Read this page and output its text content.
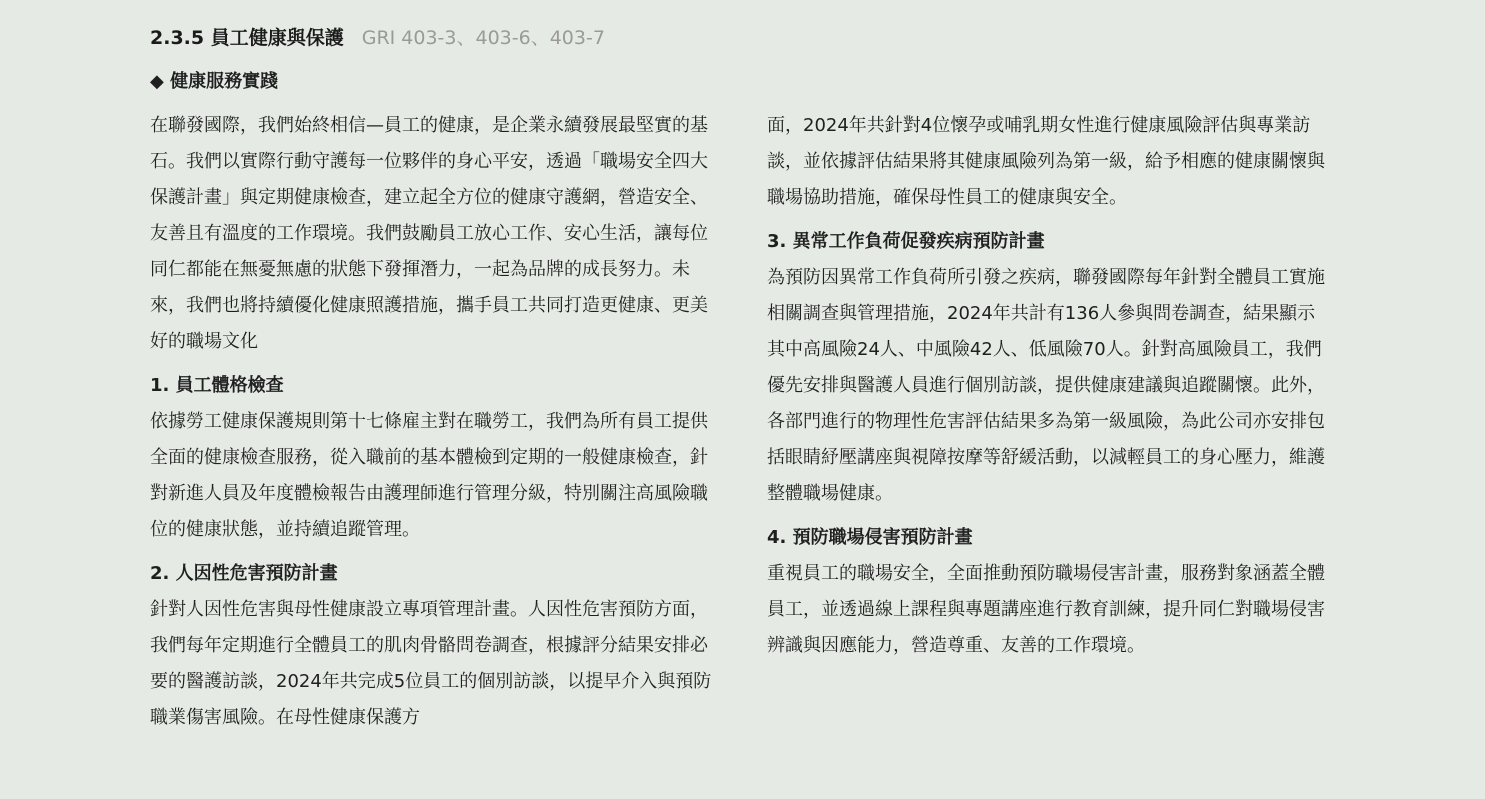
2.3.5 員工健康與保護 GRI 403-3、403-6、403-7
◆ 健康服務實踐

在聯發國際，我們始終相信—員工的健康，是企業永續發展最堅實的基石。我們以實際行動守護每一位夥伴的身心平安，透過「職場安全四大保護計畫」與定期健康檢查，建立起全方位的健康守護網，營造安全、友善且有溫度的工作環境。我們鼓勵員工放心工作、安心生活，讓每位同仁都能在無憂無慮的狀態下發揮潛力，一起為品牌的成長努力。未來，我們也將持續優化健康照護措施，攜手員工共同打造更健康、更美好的職場文化

1. 員工體格檢查

依據勞工健康保護規則第十七條雇主對在職勞工，我們為所有員工提供全面的健康檢查服務，從入職前的基本體檢到定期的一般健康檢查，針對新進人員及年度體檢報告由護理師進行管理分級，特別關注高風險職位的健康狀態，並持續追蹤管理。

2. 人因性危害預防計畫

針對人因性危害與母性健康設立專項管理計畫。人因性危害預防方面，我們每年定期進行全體員工的肌肉骨骼問卷調查，根據評分結果安排必要的醫護訪談，2024年共完成5位員工的個別訪談，以提早介入與預防職業傷害風險。在母性健康保護方

面，2024年共針對4位懷孕或哺乳期女性進行健康風險評估與專業訪談，並依據評估結果將其健康風險列為第一級，給予相應的健康關懷與職場協助措施，確保母性員工的健康與安全。

3. 異常工作負荷促發疾病預防計畫

為預防因異常工作負荷所引發之疾病，聯發國際每年針對全體員工實施相關調查與管理措施，2024年共計有136人參與問卷調查，結果顯示其中高風險24人、中風險42人、低風險70人。針對高風險員工，我們優先安排與醫護人員進行個別訪談，提供健康建議與追蹤關懷。此外，各部門進行的物理性危害評估結果多為第一級風險，為此公司亦安排包括眼睛紓壓講座與視障按摩等舒緩活動，以減輕員工的身心壓力，維護整體職場健康。

4. 預防職場侵害預防計畫

重視員工的職場安全，全面推動預防職場侵害計畫，服務對象涵蓋全體員工，並透過線上課程與專題講座進行教育訓練，提升同仁對職場侵害辨識與因應能力，營造尊重、友善的工作環境。
